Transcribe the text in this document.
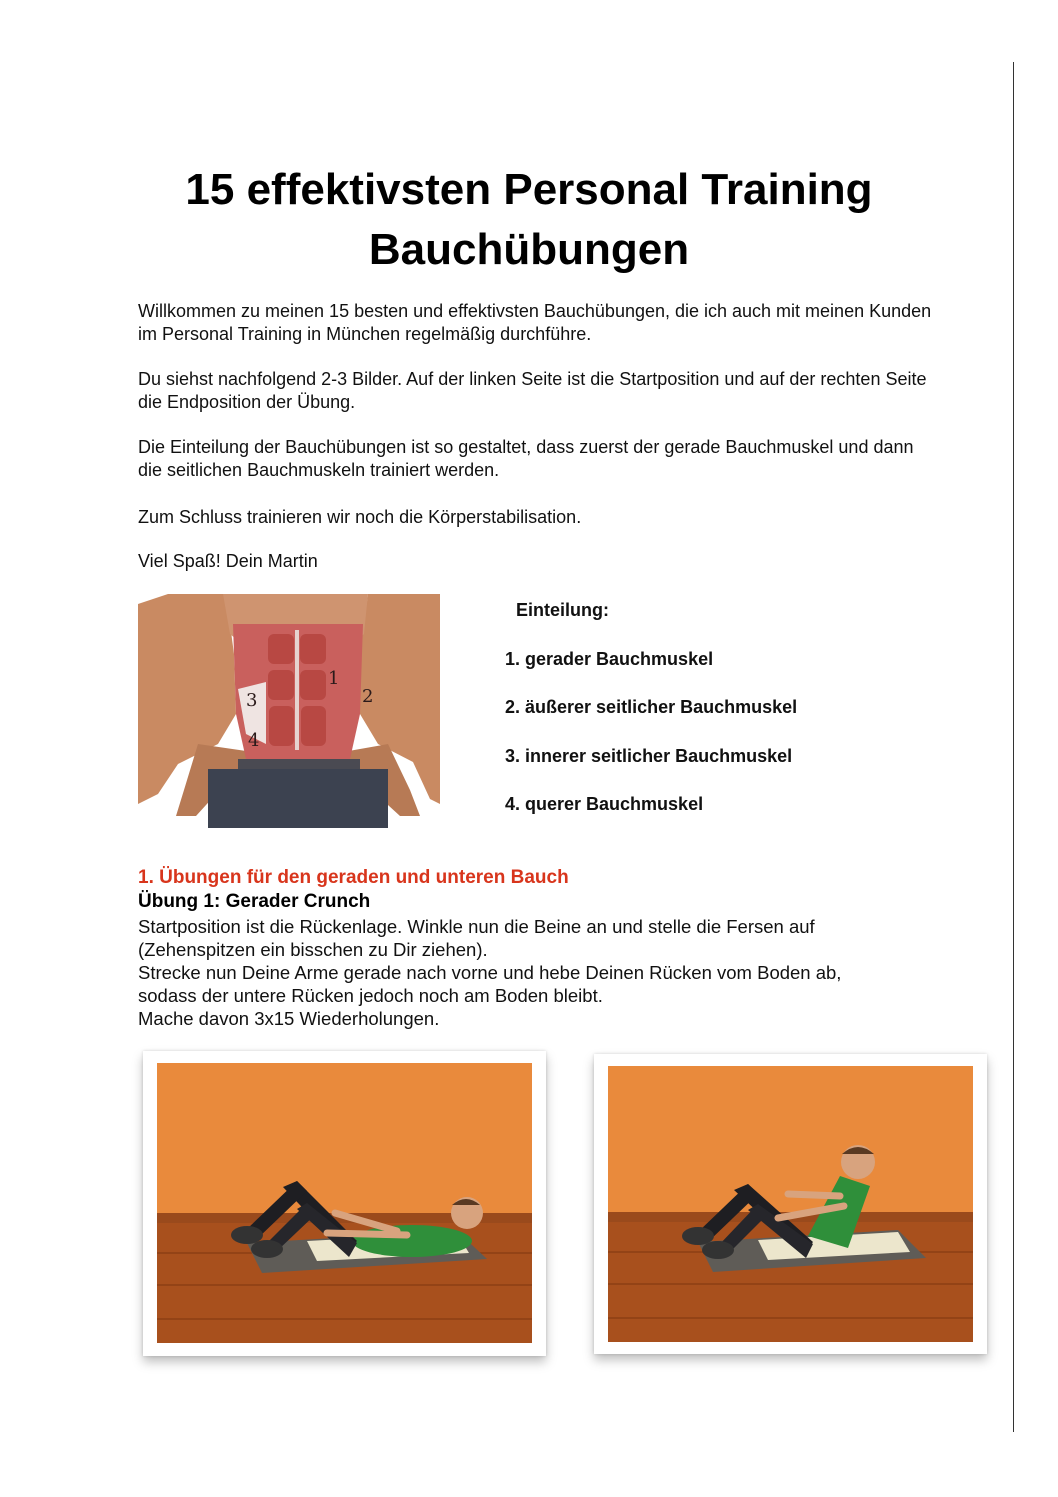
15 effektivsten Personal Training Bauchübungen

Willkommen zu meinen 15 besten und effektivsten Bauchübungen, die ich auch mit meinen Kunden im Personal Training in München regelmäßig durchführe.

Du siehst nachfolgend 2-3 Bilder. Auf der linken Seite ist die Startposition und auf der rechten Seite die Endposition der Übung.

Die Einteilung der Bauchübungen ist so gestaltet, dass zuerst der gerade Bauchmuskel und dann die seitlichen Bauchmuskeln trainiert werden.

Zum Schluss trainieren wir noch die Körperstabilisation.

Viel Spaß! Dein Martin

1
2
3
4
Einteilung:
1. gerader Bauchmuskel
2. äußerer seitlicher Bauchmuskel
3. innerer seitlicher Bauchmuskel
4. querer Bauchmuskel
1. Übungen für den geraden und unteren Bauch
Übung 1: Gerader Crunch
Startposition ist die Rückenlage. Winkle nun die Beine an und stelle die Fersen auf
(Zehenspitzen ein bisschen zu Dir ziehen).
Strecke nun Deine Arme gerade nach vorne und hebe Deinen Rücken vom Boden ab,
sodass der untere Rücken jedoch noch am Boden bleibt.
Mache davon 3x15 Wiederholungen.
